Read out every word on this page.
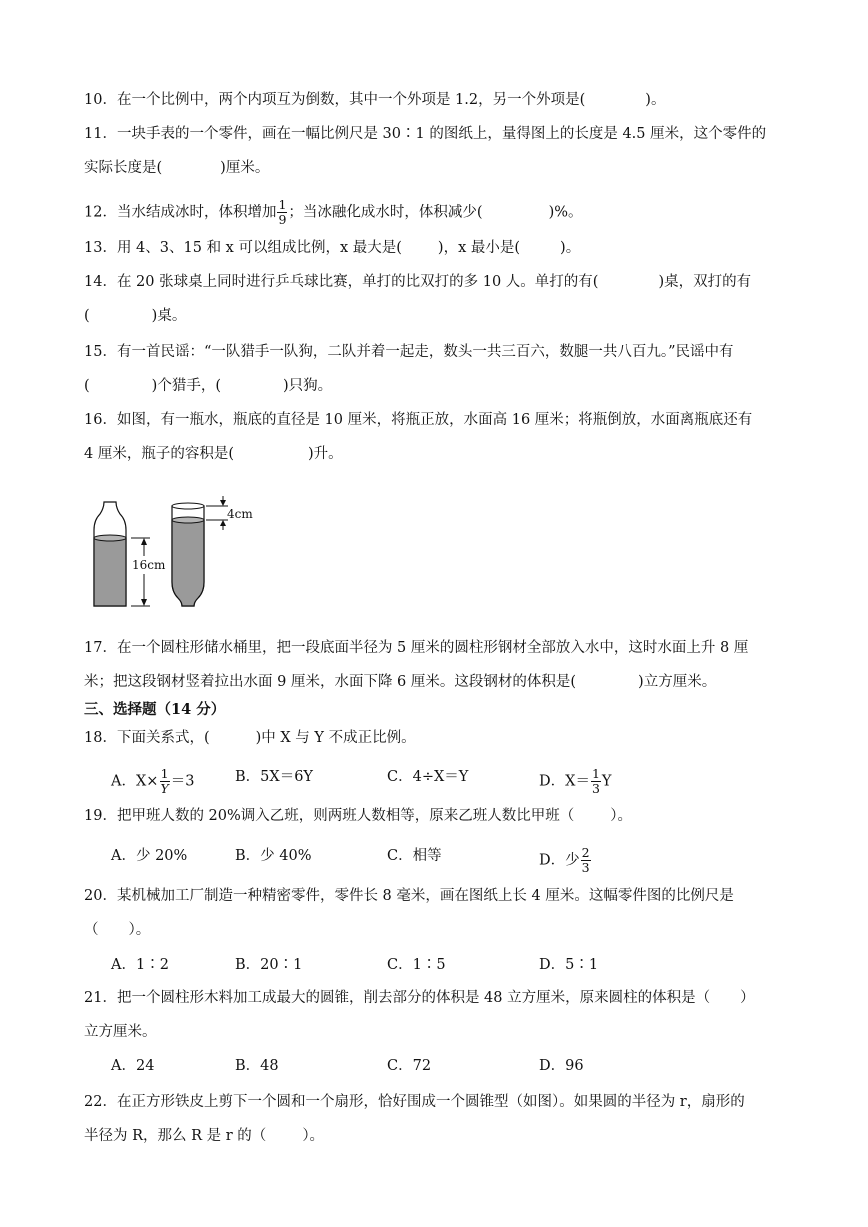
10．在一个比例中，两个内项互为倒数，其中一个外项是 1.2，另一个外项是(	)。
11．一块手表的一个零件，画在一幅比例尺是 30∶1 的图纸上，量得图上的长度是 4.5 厘米，这个零件的
实际长度是(	)厘米。
12．当水结成冰时，体积增加 $\frac{1}{9}$ ；当冰融化成水时，体积减少(	)%。
13．用 4、3、15 和 x 可以组成比例，x 最大是( )，x 最小是(	)。
14．在 20 张球桌上同时进行乒乓球比赛，单打的比双打的多 10 人。单打的有(	)桌，双打的有
(	)桌。
15．有一首民谣：“一队猎手一队狗，二队并着一起走，数头一共三百六，数腿一共八百九。”民谣中有
(	)个猎手，(	)只狗。
16．如图，有一瓶水，瓶底的直径是 10 厘米，将瓶正放，水面高 16 厘米；将瓶倒放，水面离瓶底还有
4 厘米，瓶子的容积是(	)升。
16cm
4cm
17．在一个圆柱形储水桶里，把一段底面半径为 5 厘米的圆柱形钢材全部放入水中，这时水面上升 8 厘
米；把这段钢材竖着拉出水面 9 厘米，水面下降 6 厘米。这段钢材的体积是(	)立方厘米。
三、选择题（14 分）
18．下面关系式，(	)中 X 与 Y 不成正比例。
A．$X\times \frac{1}{Y} =3$	B．5X＝6Y	C．4÷X＝Y	D．$X= \frac{1}{3}$ Y
19．把甲班人数的 20%调入乙班，则两班人数相等，原来乙班人数比甲班（ ）。
A．少 20%	B．少 40%	C．相等	D．少 $\frac{2}{3}$
20．某机械加工厂制造一种精密零件，零件长 8 毫米，画在图纸上长 4 厘米。这幅零件图的比例尺是
（ ）。
A．1∶2	B．20∶1	C．1∶5	D．5∶1
21．把一个圆柱形木料加工成最大的圆锥，削去部分的体积是 48 立方厘米，原来圆柱的体积是（ ）
立方厘米。
A．24	B．48	C．72	D．96
22．在正方形铁皮上剪下一个圆和一个扇形，恰好围成一个圆锥型（如图）。如果圆的半径为 r，扇形的
半径为 R，那么 R 是 r 的（ ）。
